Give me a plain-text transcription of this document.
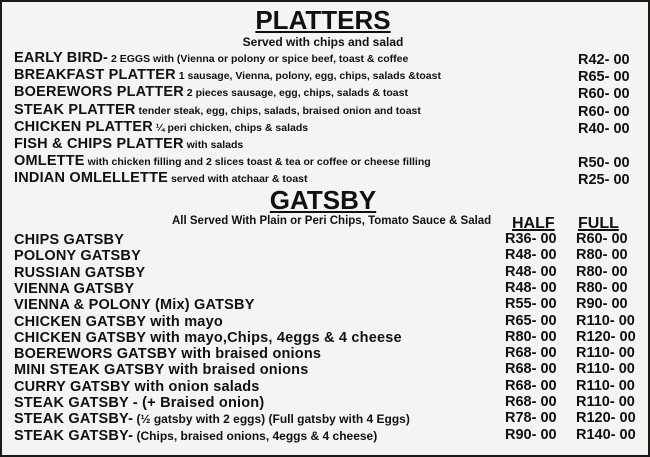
PLATTERS
Served with chips and salad
EARLY BIRD- 2 EGGS with (Vienna or polony or spice beef, toast & coffee	R42- 00
BREAKFAST PLATTER 1 sausage, Vienna, polony, egg, chips, salads &toast	R65- 00
BOEREWORS PLATTER 2 pieces sausage, egg, chips, salads & toast	R60- 00
STEAK PLATTER tender steak, egg, chips, salads, braised onion and toast	R60- 00
CHICKEN PLATTER ¼ peri chicken, chips & salads	R40- 00
FISH & CHIPS PLATTER with salads
OMLETTE with chicken filling and 2 slices toast & tea or coffee or cheese filling	R50- 00
INDIAN OMLELLETTE served with atchaar & toast	R25- 00
GATSBY
All Served With Plain or Peri Chips, Tomato Sauce & Salad HALF FULL
CHIPS GATSBY	R36- 00 R60- 00
POLONY GATSBY	R48- 00 R80- 00
RUSSIAN GATSBY	R48- 00 R80- 00
VIENNA GATSBY	R48- 00 R80- 00
VIENNA & POLONY (Mix) GATSBY	R55- 00 R90- 00
CHICKEN GATSBY with mayo	R65- 00 R110- 00
CHICKEN GATSBY with mayo,Chips, 4eggs & 4 cheese	R80- 00 R120- 00
BOEREWORS GATSBY with braised onions	R68- 00 R110- 00
MINI STEAK GATSBY with braised onions	R68- 00 R110- 00
CURRY GATSBY with onion salads	R68- 00 R110- 00
STEAK GATSBY - (+ Braised onion)	R68- 00 R110- 00
STEAK GATSBY- (½ gatsby with 2 eggs) (Full gatsby with 4 Eggs)	R78- 00 R120- 00
STEAK GATSBY- (Chips, braised onions, 4eggs & 4 cheese)	R90- 00 R140- 00
